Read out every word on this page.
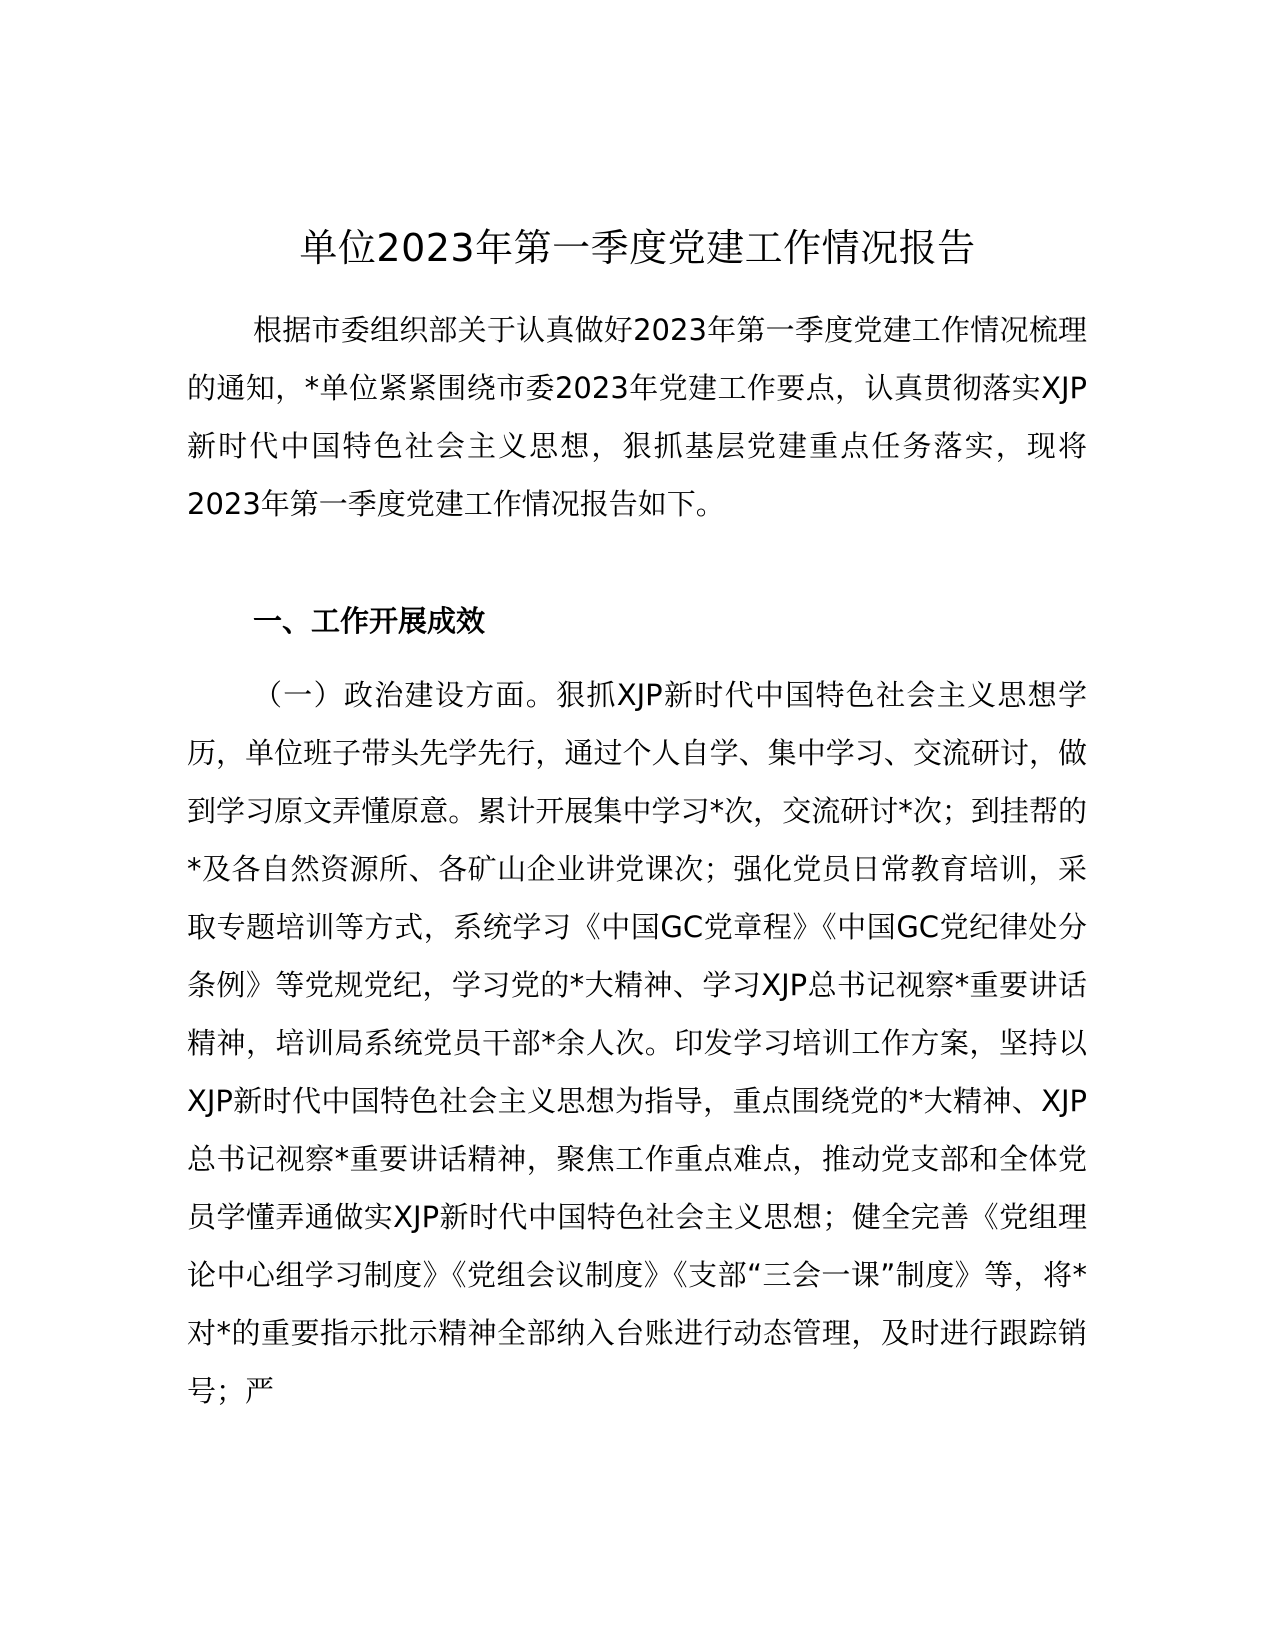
单位2023年第一季度党建工作情况报告
根据市委组织部关于认真做好2023年第一季度党建工作情况梳理的通知，*单位紧紧围绕市委2023年党建工作要点，认真贯彻落实XJP新时代中国特色社会主义思想，狠抓基层党建重点任务落实，现将2023年第一季度党建工作情况报告如下。
一、工作开展成效
（一）政治建设方面。狠抓XJP新时代中国特色社会主义思想学历，单位班子带头先学先行，通过个人自学、集中学习、交流研讨，做到学习原文弄懂原意。累计开展集中学习*次，交流研讨*次；到挂帮的*及各自然资源所、各矿山企业讲党课次；强化党员日常教育培训，采取专题培训等方式，系统学习《中国GC党章程》《中国GC党纪律处分条例》等党规党纪，学习党的*大精神、学习XJP总书记视察*重要讲话精神，培训局系统党员干部*余人次。印发学习培训工作方案，坚持以XJP新时代中国特色社会主义思想为指导，重点围绕党的*大精神、XJP总书记视察*重要讲话精神，聚焦工作重点难点，推动党支部和全体党员学懂弄通做实XJP新时代中国特色社会主义思想；健全完善《党组理论中心组学习制度》《党组会议制度》《支部“三会一课”制度》等，将*对*的重要指示批示精神全部纳入台账进行动态管理，及时进行跟踪销号；严
